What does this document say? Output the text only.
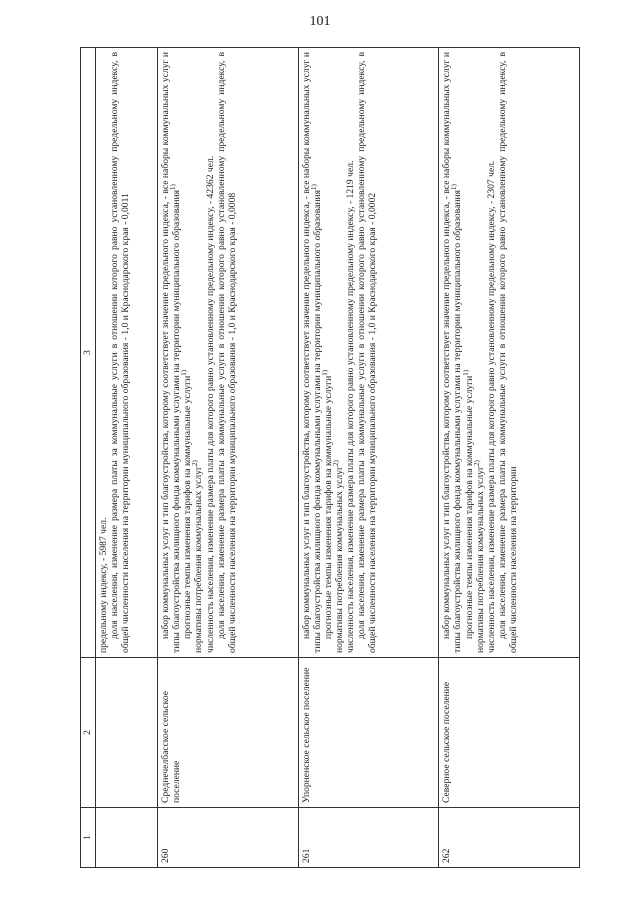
101
1	2	3

		предельному индексу, - 5987 чел. доля населения, изменение размера платы за коммунальные услуги в отношении которого равно установленному предельному индексу, в общей численности населения на территории муниципального образования - 1,0 и Краснодарского края - 0,0011

260	Среднечелбасское сельское поселение	набор коммунальных услуг и тип благоустройства, которому соответствует значение предельного индекса, - все наборы коммунальных услуг и типы благоустройства жилищного фонда коммунальными услугами на территории муниципального образования$^{1)}$

прогнозные темпы изменения тарифов на коммунальные услуги$^{1)}$

нормативы потребления коммунальных услуг$^{2)}$ численность населения, изменение размера платы для которого равно установленному предельному индексу, - 42362 чел. доля населения, изменение размера платы за коммунальные услуги в отношении которого равно установленному предельному индексу, в общей численности населения на территории муниципального образования - 1,0 и Краснодарского края - 0,0008

261	Упорненское сельское поселение	набор коммунальных услуг и тип благоустройства, которому соответствует значение предельного индекса, - все наборы коммунальных услуг и типы благоустройства жилищного фонда коммунальными услугами на территории муниципального образования$^{1)}$

прогнозные темпы изменения тарифов на коммунальные услуги$^{1)}$

нормативы потребления коммунальных услуг$^{2)}$ численность населения, изменение размера платы для которого равно установленному предельному индексу, - 1219 чел. доля населения, изменение размера платы за коммунальные услуги в отношении которого равно установленному предельному индексу, в общей численности населения на территории муниципального образования - 1,0 и Краснодарского края - 0,0002

262	Северное сельское поселение	набор коммунальных услуг и тип благоустройства, которому соответствует значение предельного индекса, - все наборы коммунальных услуг и типы благоустройства жилищного фонда коммунальными услугами на территории муниципального образования$^{1)}$

прогнозные темпы изменения тарифов на коммунальные услуги$^{1)}$

нормативы потребления коммунальных услуг$^{2)}$ численность населения, изменение размера платы для которого равно установленному предельному индексу, - 2307 чел. доля населения, изменение размера платы за коммунальные услуги в отношении которого равно установленному предельному индексу, в общей численности населения на территории
